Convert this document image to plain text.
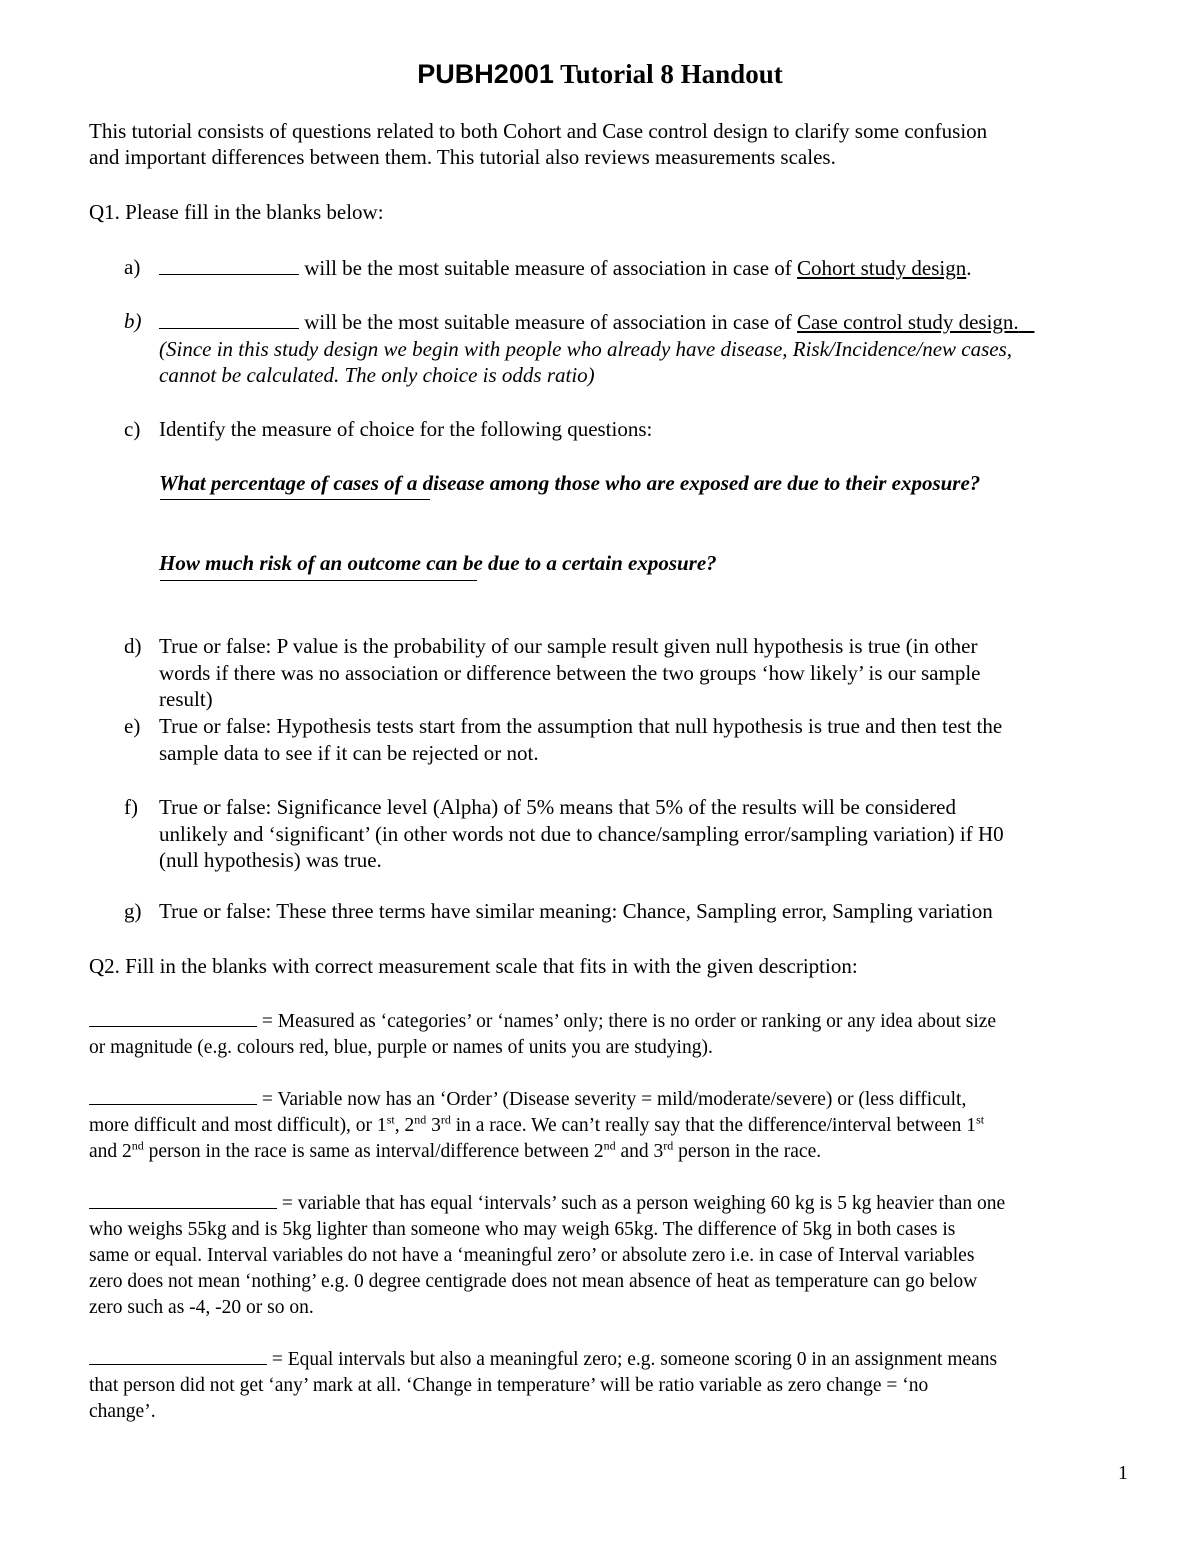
PUBH2001 Tutorial 8 Handout

This tutorial consists of questions related to both Cohort and Case control design to clarify some confusion
and important differences between them. This tutorial also reviews measurements scales.

Q1. Please fill in the blanks below:

a)	will be the most suitable measure of association in case of Cohort study design.
b)	will be the most suitable measure of association in case of Case control study design.
(Since in this study design we begin with people who already have disease, Risk/Incidence/new cases,
cannot be calculated. The only choice is odds ratio)
c) Identify the measure of choice for the following questions:
What percentage of cases of a disease among those who are exposed are due to their exposure?
How much risk of an outcome can be due to a certain exposure?
d) True or false: P value is the probability of our sample result given null hypothesis is true (in other
words if there was no association or difference between the two groups ‘how likely’ is our sample
result)
e) True or false: Hypothesis tests start from the assumption that null hypothesis is true and then test the
sample data to see if it can be rejected or not.
f) True or false: Significance level (Alpha) of 5% means that 5% of the results will be considered
unlikely and ‘significant’ (in other words not due to chance/sampling error/sampling variation) if H0
(null hypothesis) was true.
g) True or false: These three terms have similar meaning: Chance, Sampling error, Sampling variation

Q2. Fill in the blanks with correct measurement scale that fits in with the given description:

= Measured as ‘categories’ or ‘names’ only; there is no order or ranking or any idea about size
or magnitude (e.g. colours red, blue, purple or names of units you are studying).

= Variable now has an ‘Order’ (Disease severity = mild/moderate/severe) or (less difficult,
more difficult and most difficult), or 1st, 2nd 3rd in a race. We can’t really say that the difference/interval between 1st
and 2nd person in the race is same as interval/difference between 2nd and 3rd person in the race.

= variable that has equal ‘intervals’ such as a person weighing 60 kg is 5 kg heavier than one
who weighs 55kg and is 5kg lighter than someone who may weigh 65kg. The difference of 5kg in both cases is
same or equal. Interval variables do not have a ‘meaningful zero’ or absolute zero i.e. in case of Interval variables
zero does not mean ‘nothing’ e.g. 0 degree centigrade does not mean absence of heat as temperature can go below
zero such as -4, -20 or so on.

= Equal intervals but also a meaningful zero; e.g. someone scoring 0 in an assignment means
that person did not get ‘any’ mark at all. ‘Change in temperature’ will be ratio variable as zero change = ‘no
change’.

1
